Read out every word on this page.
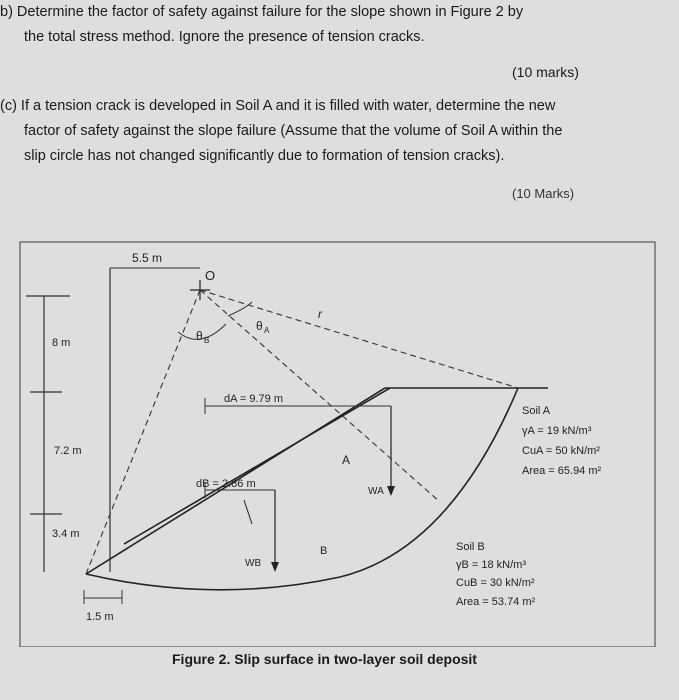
b) Determine the factor of safety against failure for the slope shown in Figure 2 by
the total stress method. Ignore the presence of tension cracks.
(10 marks)
(c) If a tension crack is developed in Soil A and it is filled with water, determine the new
factor of safety against the slope failure (Assume that the volume of Soil A within the
slip circle has not changed significantly due to formation of tension cracks).
(10 Marks)
5.5 m
8 m
7.2 m
3.4 m
1.5 m
O
r
θ A
θ B
dA = 9.79 m
WA
A
dB = 2.86 m
WB
B
Soil A
γA = 19 kN/m³
CuA = 50 kN/m²
Area = 65.94 m²
Soil B
γB = 18 kN/m³
CuB = 30 kN/m²
Area = 53.74 m²
Figure 2. Slip surface in two-layer soil deposit
